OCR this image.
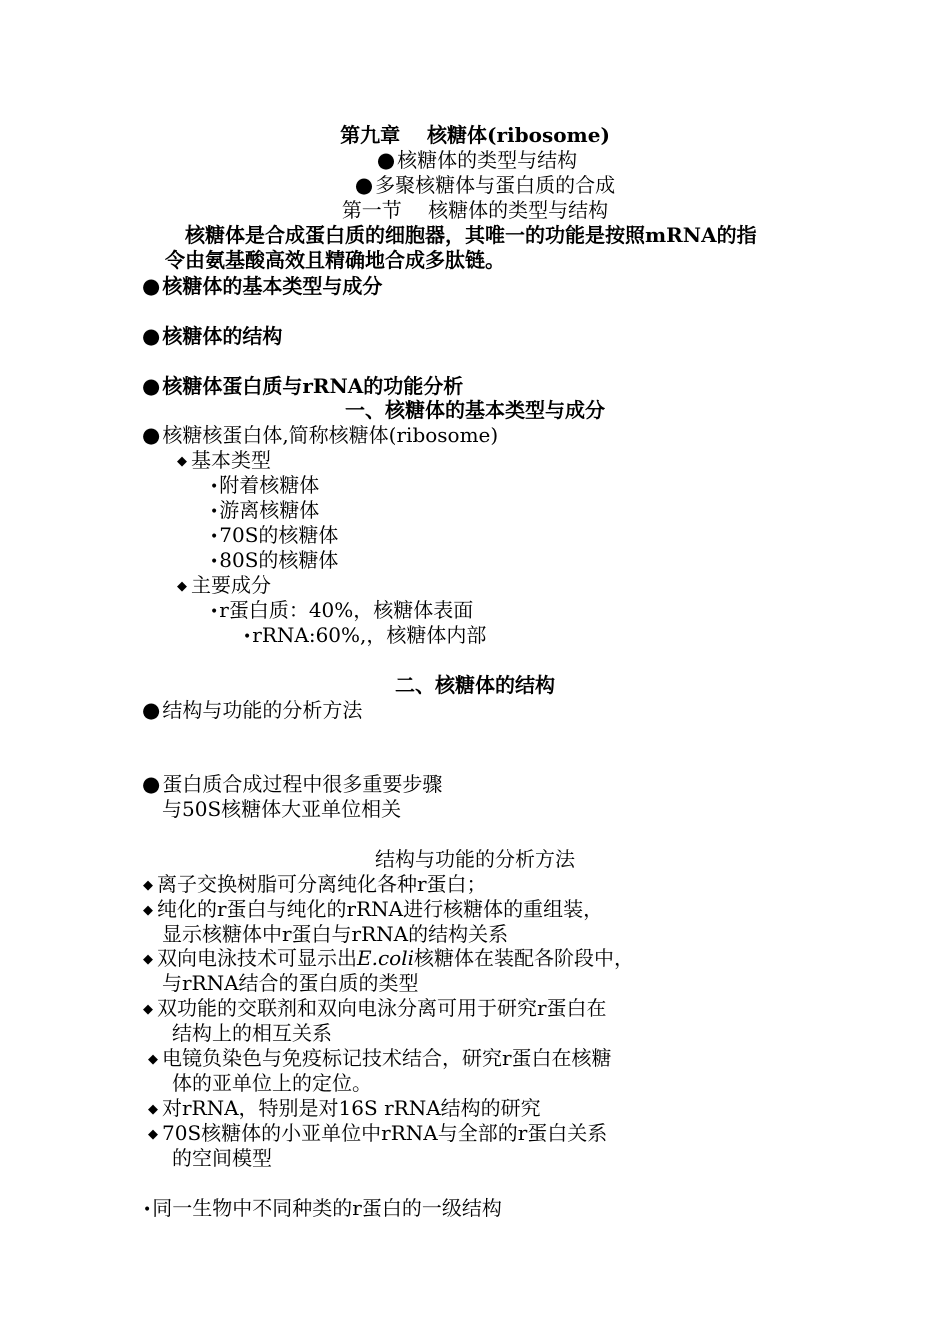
第九章　 核糖体(ribosome)
● 核糖体的类型与结构
● 多聚核糖体与蛋白质的合成
第一节　 核糖体的类型与结构
核糖体是合成蛋白质的细胞器，其唯一的功能是按照mRNA的指
令由氨基酸高效且精确地合成多肽链。
● 核糖体的基本类型与成分
● 核糖体的结构
● 核糖体蛋白质与rRNA的功能分析
一、核糖体的基本类型与成分
● 核糖核蛋白体,简称核糖体(ribosome)
◆ 基本类型
•附着核糖体
•游离核糖体
•70S的核糖体
•80S的核糖体
◆ 主要成分
•r蛋白质：40%，核糖体表面
•rRNA:60%,，核糖体内部
二、核糖体的结构
● 结构与功能的分析方法
● 蛋白质合成过程中很多重要步骤
与50S核糖体大亚单位相关
结构与功能的分析方法
◆ 离子交换树脂可分离纯化各种r蛋白；
◆ 纯化的r蛋白与纯化的rRNA进行核糖体的重组装，
显示核糖体中r蛋白与rRNA的结构关系
◆ 双向电泳技术可显示出E.coli核糖体在装配各阶段中，
与rRNA结合的蛋白质的类型
◆ 双功能的交联剂和双向电泳分离可用于研究r蛋白在
结构上的相互关系
◆ 电镜负染色与免疫标记技术结合，研究r蛋白在核糖
体的亚单位上的定位。
◆ 对rRNA，特别是对16S rRNA结构的研究
◆ 70S核糖体的小亚单位中rRNA与全部的r蛋白关系
的空间模型
•同一生物中不同种类的r蛋白的一级结构
